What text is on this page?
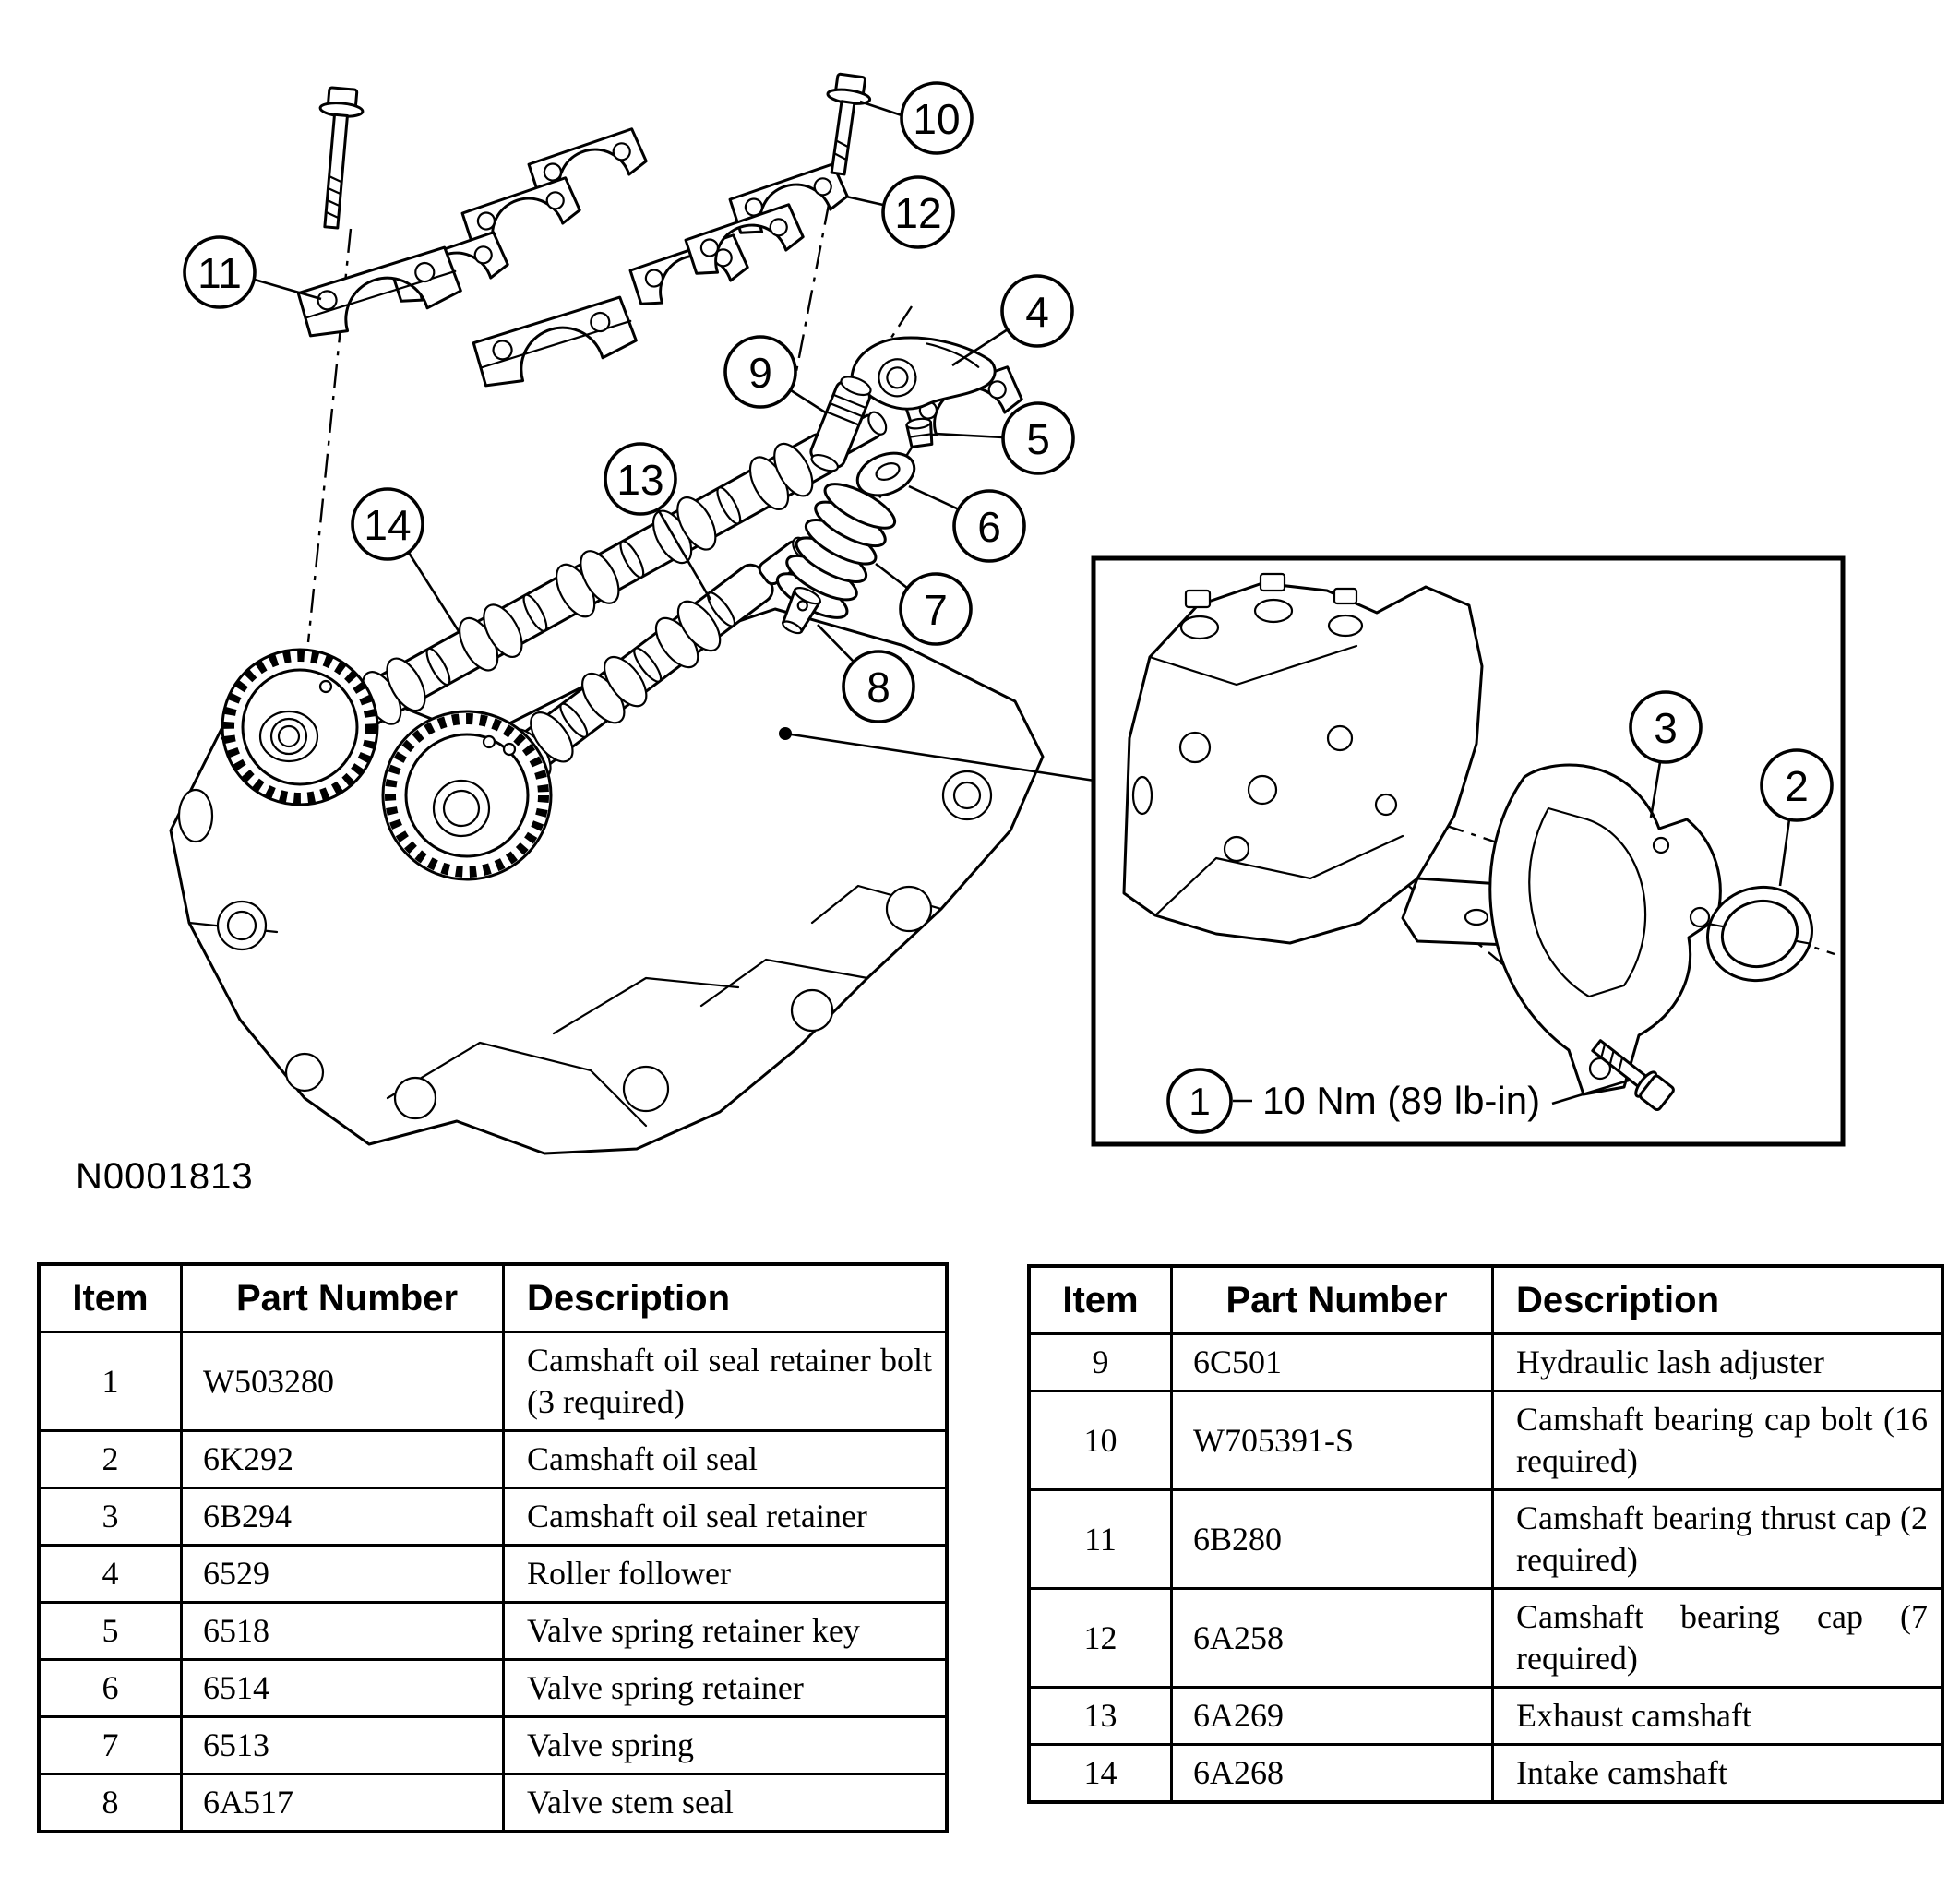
1 10 Nm (89 lb-in)
2
3
4
5
6
7
8
9
10
11
12
13
14
N0001813
Item	Part Number	Description
1	W503280	Camshaft oil seal retainer bolt (3 required)
2	6K292	Camshaft oil seal
3	6B294	Camshaft oil seal retainer
4	6529	Roller follower
5	6518	Valve spring retainer key
6	6514	Valve spring retainer
7	6513	Valve spring
8	6A517	Valve stem seal
Item	Part Number	Description
9	6C501	Hydraulic lash adjuster
10	W705391-S	Camshaft bearing cap bolt (16 required)
11	6B280	Camshaft bearing thrust cap (2 required)
12	6A258	Camshaft bearing cap (7 required)
13	6A269	Exhaust camshaft
14	6A268	Intake camshaft
